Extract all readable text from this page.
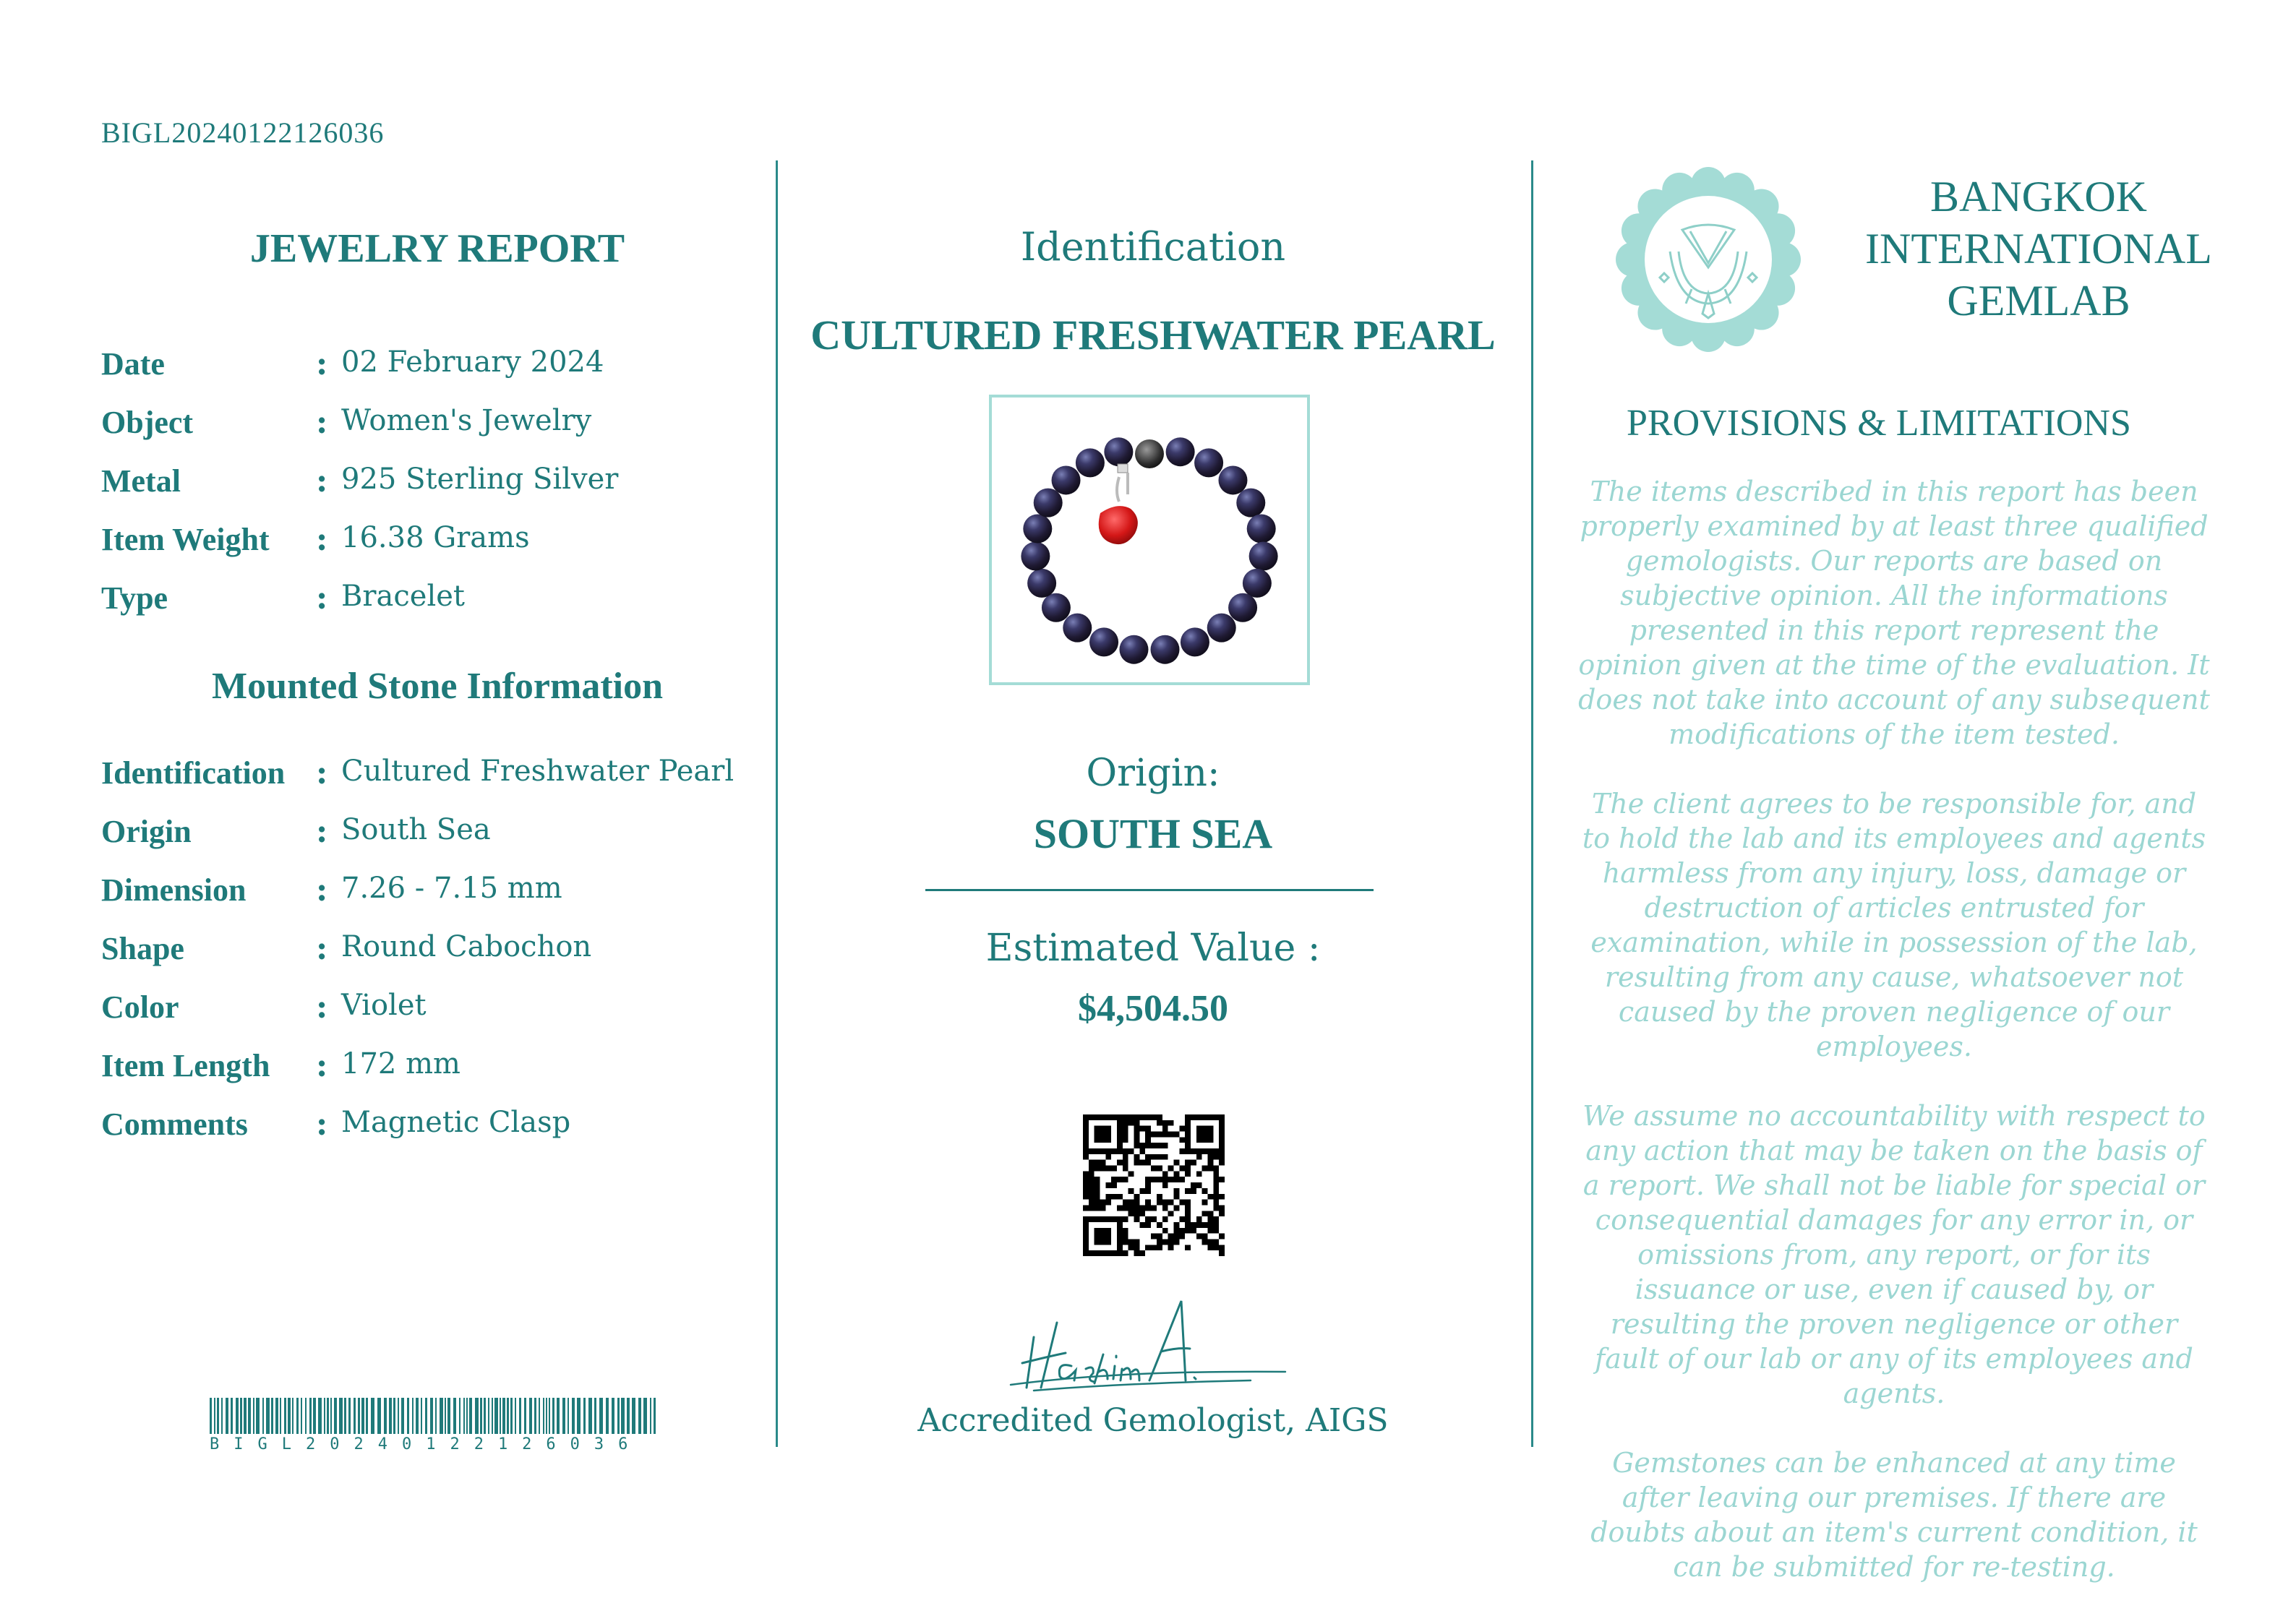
BIGL20240122126036
JEWELRY REPORT
Date	: 02 February 2024
Object	: Women's Jewelry
Metal	: 925 Sterling Silver
Item Weight : 16.38 Grams
Type	: Bracelet
Mounted Stone Information
Identification : Cultured Freshwater Pearl
Origin	: South Sea
Dimension : 7.26 - 7.15 mm
Shape	: Round Cabochon
Color	: Violet
Item Length : 172 mm
Comments : Magnetic Clasp
BIGL20240122126036
Identification
CULTURED FRESHWATER PEARL
Origin:
SOUTH SEA
Estimated Value :
$4,504.50
Accredited Gemologist, AIGS
BANGKOK
INTERNATIONAL
GEMLAB
PROVISIONS & LIMITATIONS

The items described in this report has been properly examined by at least three qualified gemologists. Our reports are based on subjective opinion. All the informations presented in this report represent the opinion given at the time of the evaluation. It does not take into account of any subsequent modifications of the item tested.

The client agrees to be responsible for, and to hold the lab and its employees and agents harmless from any injury, loss, damage or destruction of articles entrusted for examination, while in possession of the lab, resulting from any cause, whatsoever not caused by the proven negligence of our employees.

We assume no accountability with respect to any action that may be taken on the basis of a report. We shall not be liable for special or consequential damages for any error in, or omissions from, any report, or for its issuance or use, even if caused by, or resulting the proven negligence or other fault of our lab or any of its employees and agents.

Gemstones can be enhanced at any time after leaving our premises. If there are doubts about an item's current condition, it can be submitted for re-testing.
